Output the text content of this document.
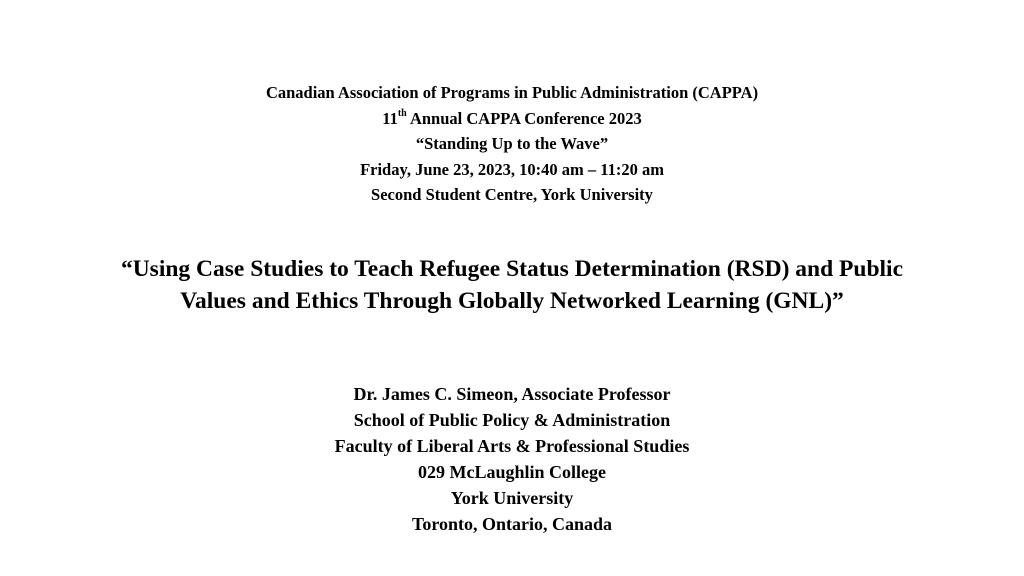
Canadian Association of Programs in Public Administration (CAPPA)
11th Annual CAPPA Conference 2023
“Standing Up to the Wave”
Friday, June 23, 2023, 10:40 am – 11:20 am
Second Student Centre, York University
“Using Case Studies to Teach Refugee Status Determination (RSD) and Public
Values and Ethics Through Globally Networked Learning (GNL)”
Dr. James C. Simeon, Associate Professor
School of Public Policy & Administration
Faculty of Liberal Arts & Professional Studies
029 McLaughlin College
York University
Toronto, Ontario, Canada
